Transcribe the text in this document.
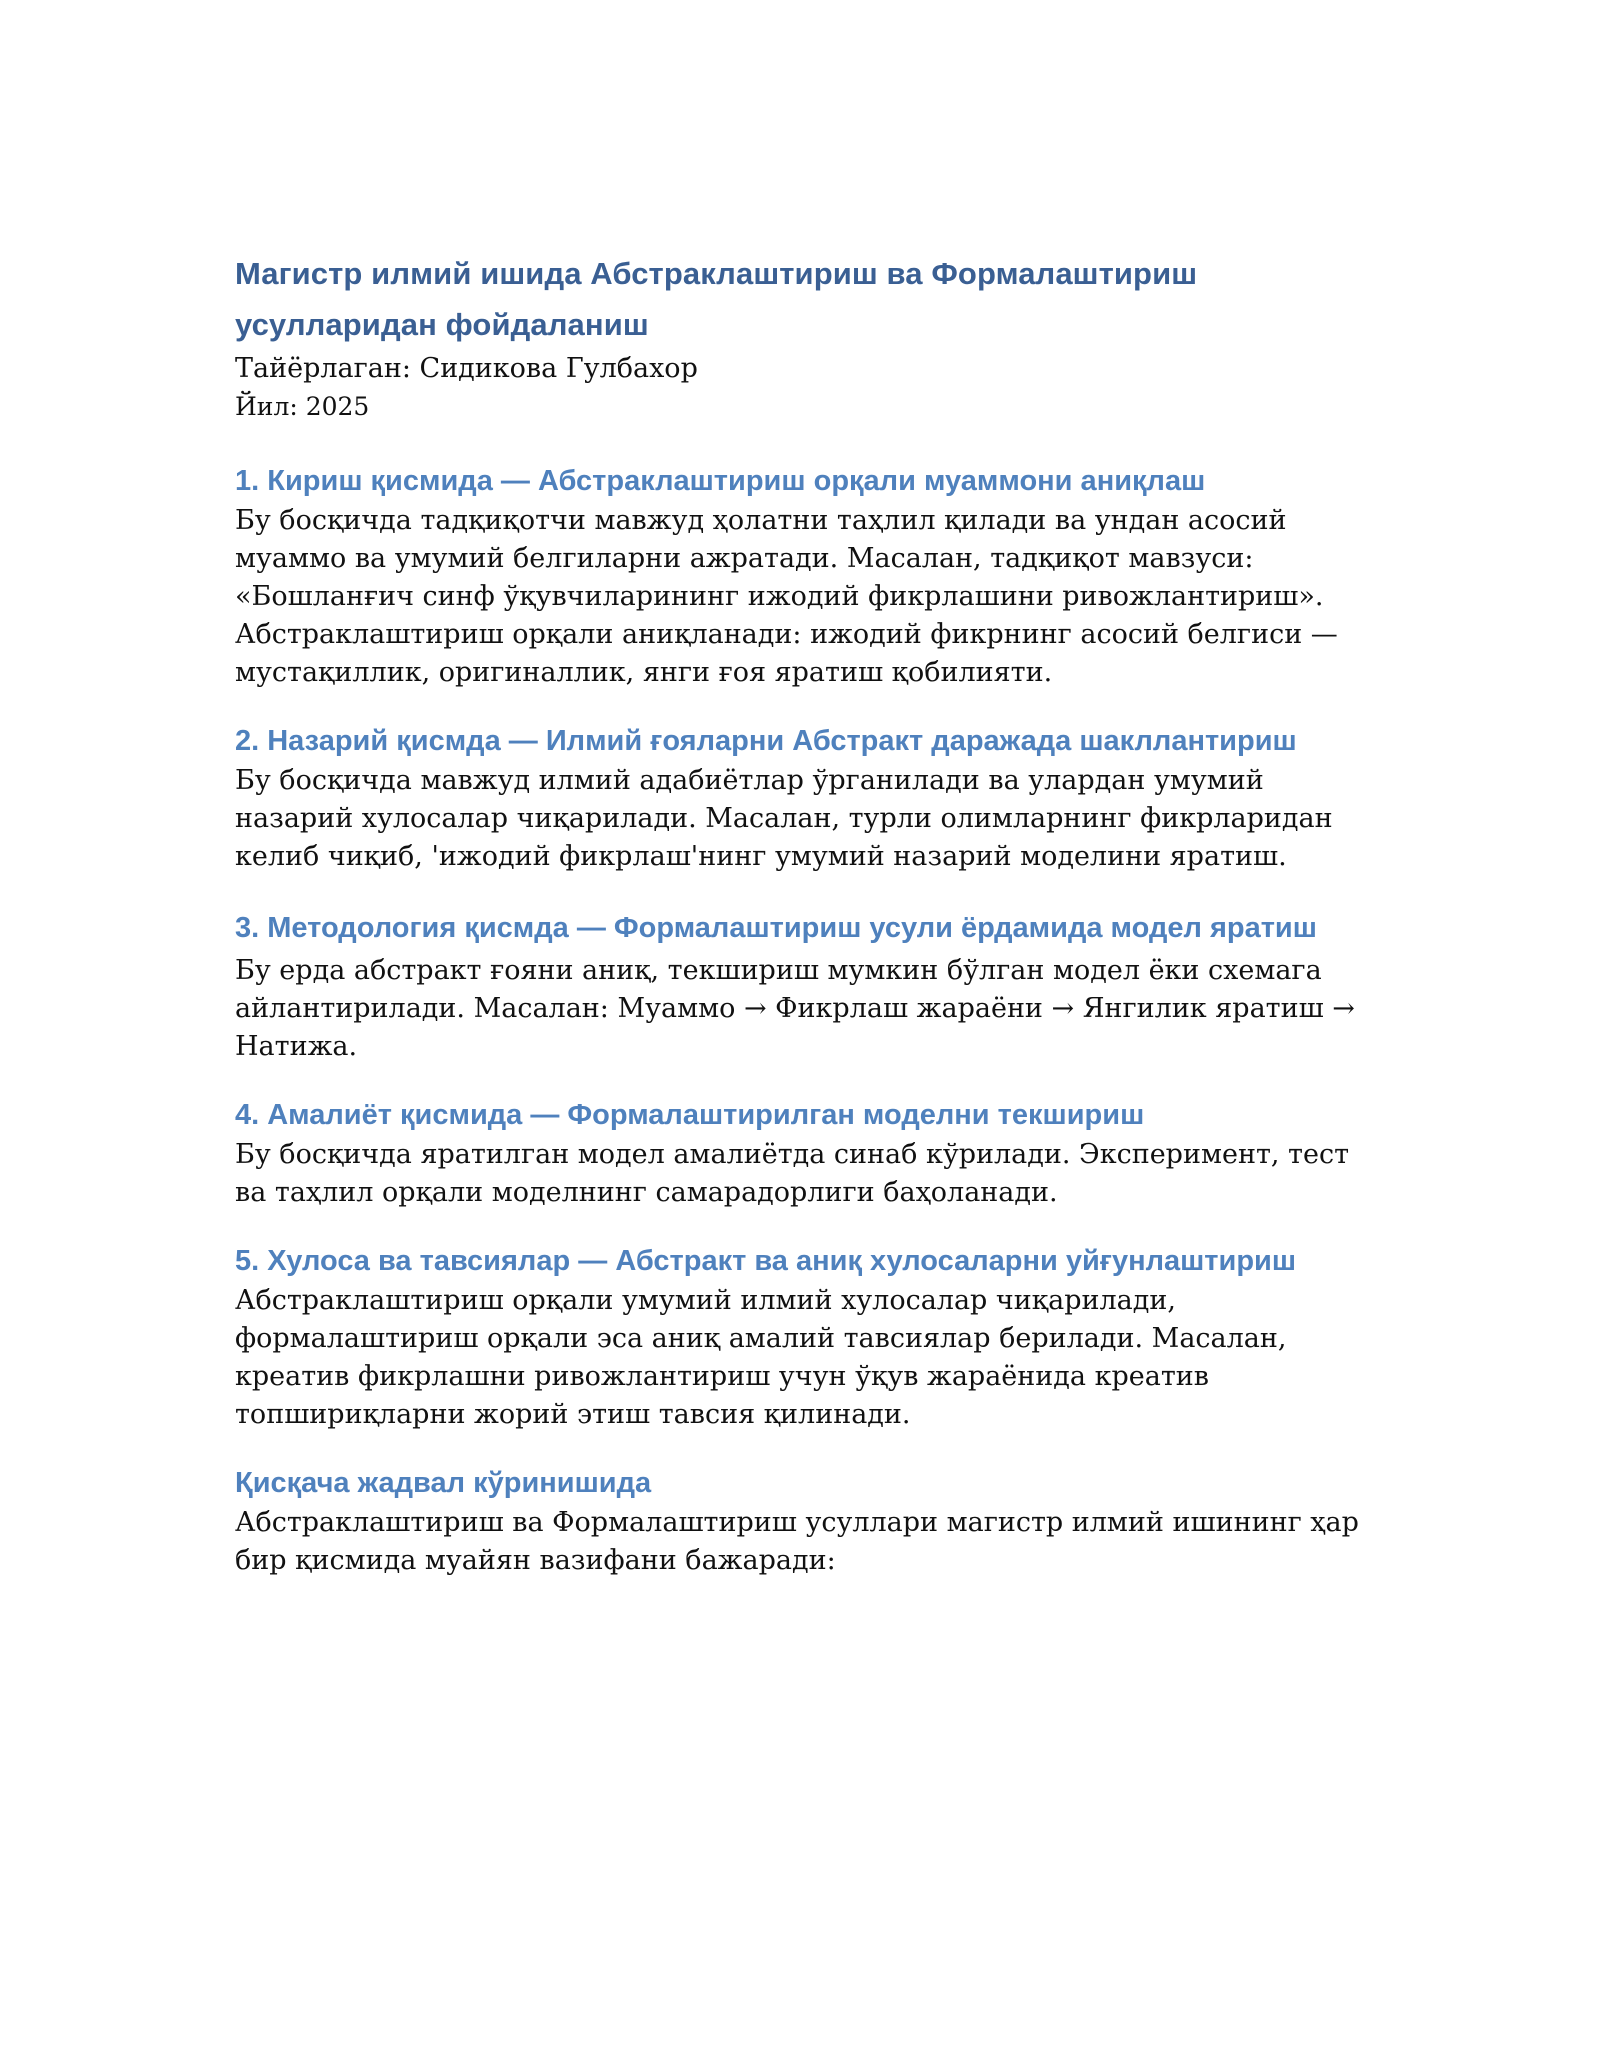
Магистр илмий ишида Абстраклаштириш ва Формалаштириш усулларидан фойдаланиш

Тайёрлаган: Сидикова Гулбахор

Йил: 2025

1. Кириш қисмида — Абстраклаштириш орқали муаммони аниқлаш

Бу босқичда тадқиқотчи мавжуд ҳолатни таҳлил қилади ва ундан асосий муаммо ва умумий белгиларни ажратади. Масалан, тадқиқот мавзуси: «Бошланғич синф ўқувчиларининг ижодий фикрлашини ривожлантириш». Абстраклаштириш орқали аниқланади: ижодий фикрнинг асосий белгиси — мустақиллик, оригиналлик, янги ғоя яратиш қобилияти.

2. Назарий қисмда — Илмий ғояларни Абстракт даражада шакллантириш

Бу босқичда мавжуд илмий адабиётлар ўрганилади ва улардан умумий назарий хулосалар чиқарилади. Масалан, турли олимларнинг фикрларидан келиб чиқиб, 'ижодий фикрлаш'нинг умумий назарий моделини яратиш.

3. Методология қисмда — Формалаштириш усули ёрдамида модел яратиш

Бу ерда абстракт ғояни аниқ, текшириш мумкин бўлган модел ёки схемага айлантирилади. Масалан: Муаммо → Фикрлаш жараёни → Янгилик яратиш → Натижа.

4. Амалиёт қисмида — Формалаштирилган моделни текшириш

Бу босқичда яратилган модел амалиётда синаб кўрилади. Эксперимент, тест ва таҳлил орқали моделнинг самарадорлиги баҳоланади.

5. Хулоса ва тавсиялар — Абстракт ва аниқ хулосаларни уйғунлаштириш

Абстраклаштириш орқали умумий илмий хулосалар чиқарилади, формалаштириш орқали эса аниқ амалий тавсиялар берилади. Масалан, креатив фикрлашни ривожлантириш учун ўқув жараёнида креатив топшириқларни жорий этиш тавсия қилинади.

Қисқача жадвал кўринишида

Абстраклаштириш ва Формалаштириш усуллари магистр илмий ишининг ҳар бир қисмида муайян вазифани бажаради:
